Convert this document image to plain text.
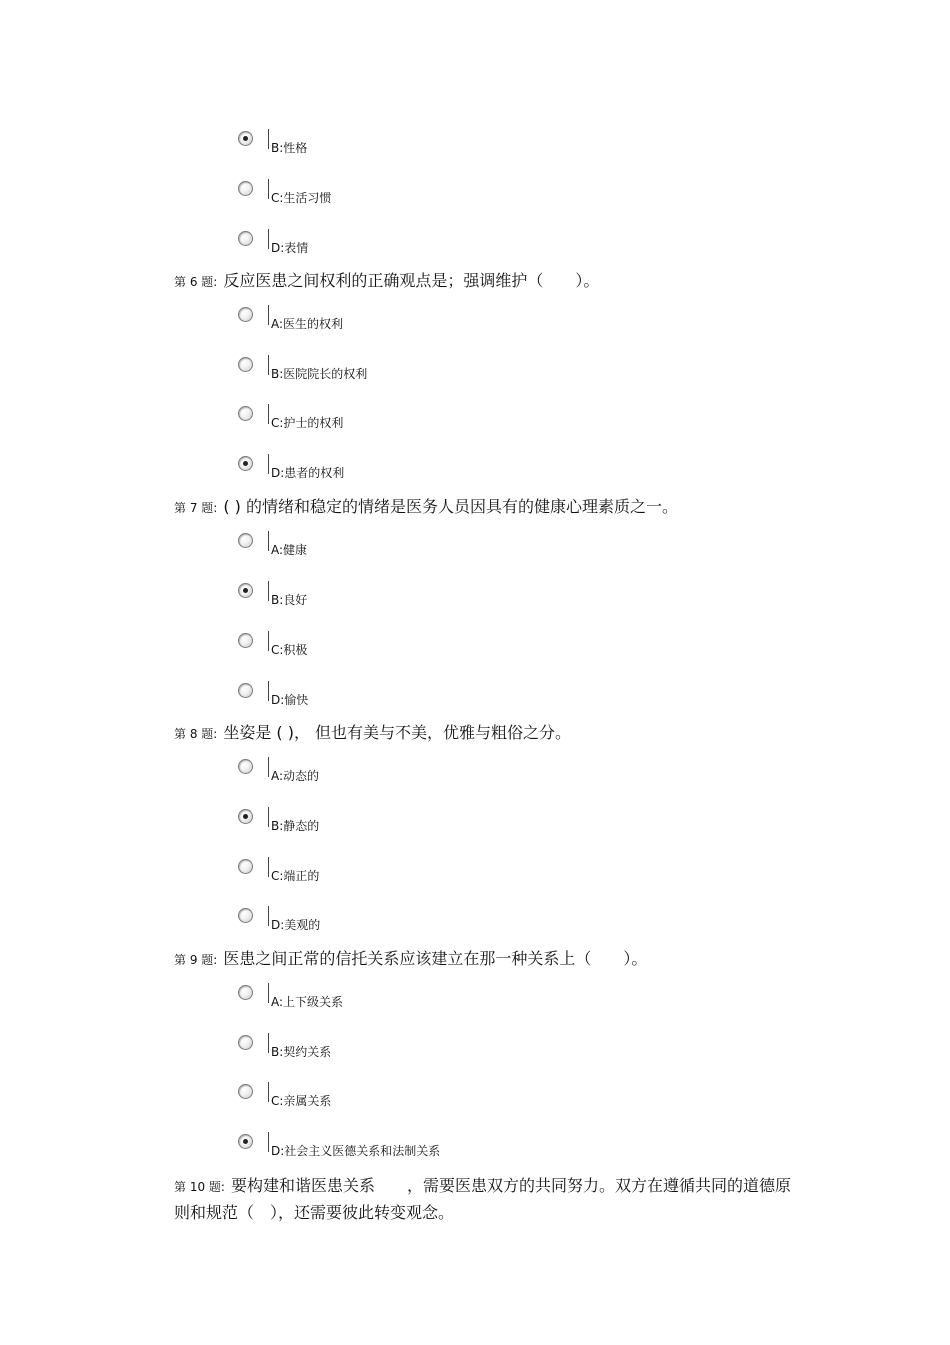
B:性格
C:生活习惯
D:表情
第 6 题: 反应医患之间权利的正确观点是；强调维护（　　）。
A:医生的权利
B:医院院长的权利
C:护士的权利
D:患者的权利
第 7 题: ( ) 的情绪和稳定的情绪是医务人员因具有的健康心理素质之一。
A:健康
B:良好
C:积极
D:愉快
第 8 题: 坐姿是 ( )， 但也有美与不美，优雅与粗俗之分。
A:动态的
B:静态的
C:端正的
D:美观的
第 9 题: 医患之间正常的信托关系应该建立在那一种关系上（　　）。
A:上下级关系
B:契约关系
C:亲属关系
D:社会主义医德关系和法制关系
第 10 题: 要构建和谐医患关系　　，需要医患双方的共同努力。双方在遵循共同的道德原则和规范（　），还需要彼此转变观念。
